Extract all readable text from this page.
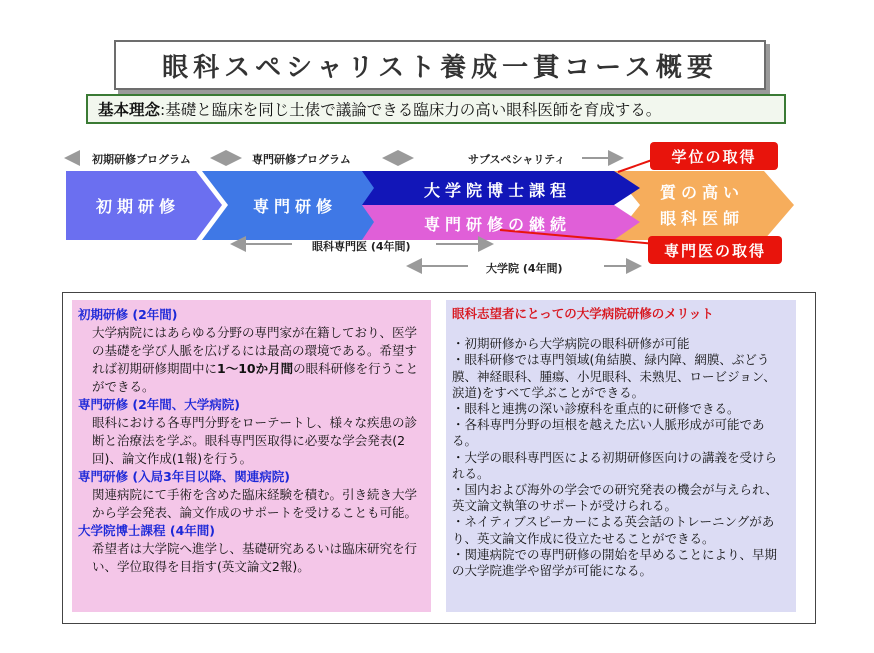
眼科スペシャリスト養成一貫コース概要
基本理念 :基礎と臨床を同じ土俵で議論できる臨床力の高い眼科医師を育成する。
初期研修プログラム	専門研修プログラム	サブスペシャリティ
初期研修	専門研修
大学院博士課程
専門研修の継続
質の高い
眼科医師
学位の取得
専門医の取得
眼科専門医 (4年間)
大学院 (4年間)
初期研修 (2年間)
大学病院にはあらゆる分野の専門家が在籍しており、医学の基礎を学び人脈を広げるには最高の環境である。希望すれば初期研修期間中に1〜10か月間の眼科研修を行うことができる。
専門研修 (2年間、大学病院)
眼科における各専門分野をローテートし、様々な疾患の診断と治療法を学ぶ。眼科専門医取得に必要な学会発表(2回)、論文作成(1報)を行う。
専門研修 (入局3年目以降、関連病院)
関連病院にて手術を含めた臨床経験を積む。引き続き大学から学会発表、論文作成のサポートを受けることも可能。
大学院博士課程 (4年間)
希望者は大学院へ進学し、基礎研究あるいは臨床研究を行い、学位取得を目指す(英文論文2報)。
眼科志望者にとっての大学病院研修のメリット
・初期研修から大学病院の眼科研修が可能
・眼科研修では専門領域(角結膜、緑内障、網膜、ぶどう膜、神経眼科、腫瘍、小児眼科、未熟児、ロービジョン、涙道)をすべて学ぶことができる。
・眼科と連携の深い診療科を重点的に研修できる。
・各科専門分野の垣根を越えた広い人脈形成が可能である。
・大学の眼科専門医による初期研修医向けの講義を受けられる。
・国内および海外の学会での研究発表の機会が与えられ、英文論文執筆のサポートが受けられる。
・ネイティブスピーカーによる英会話のトレーニングがあり、英文論文作成に役立たせることができる。
・関連病院での専門研修の開始を早めることにより、早期の大学院進学や留学が可能になる。
